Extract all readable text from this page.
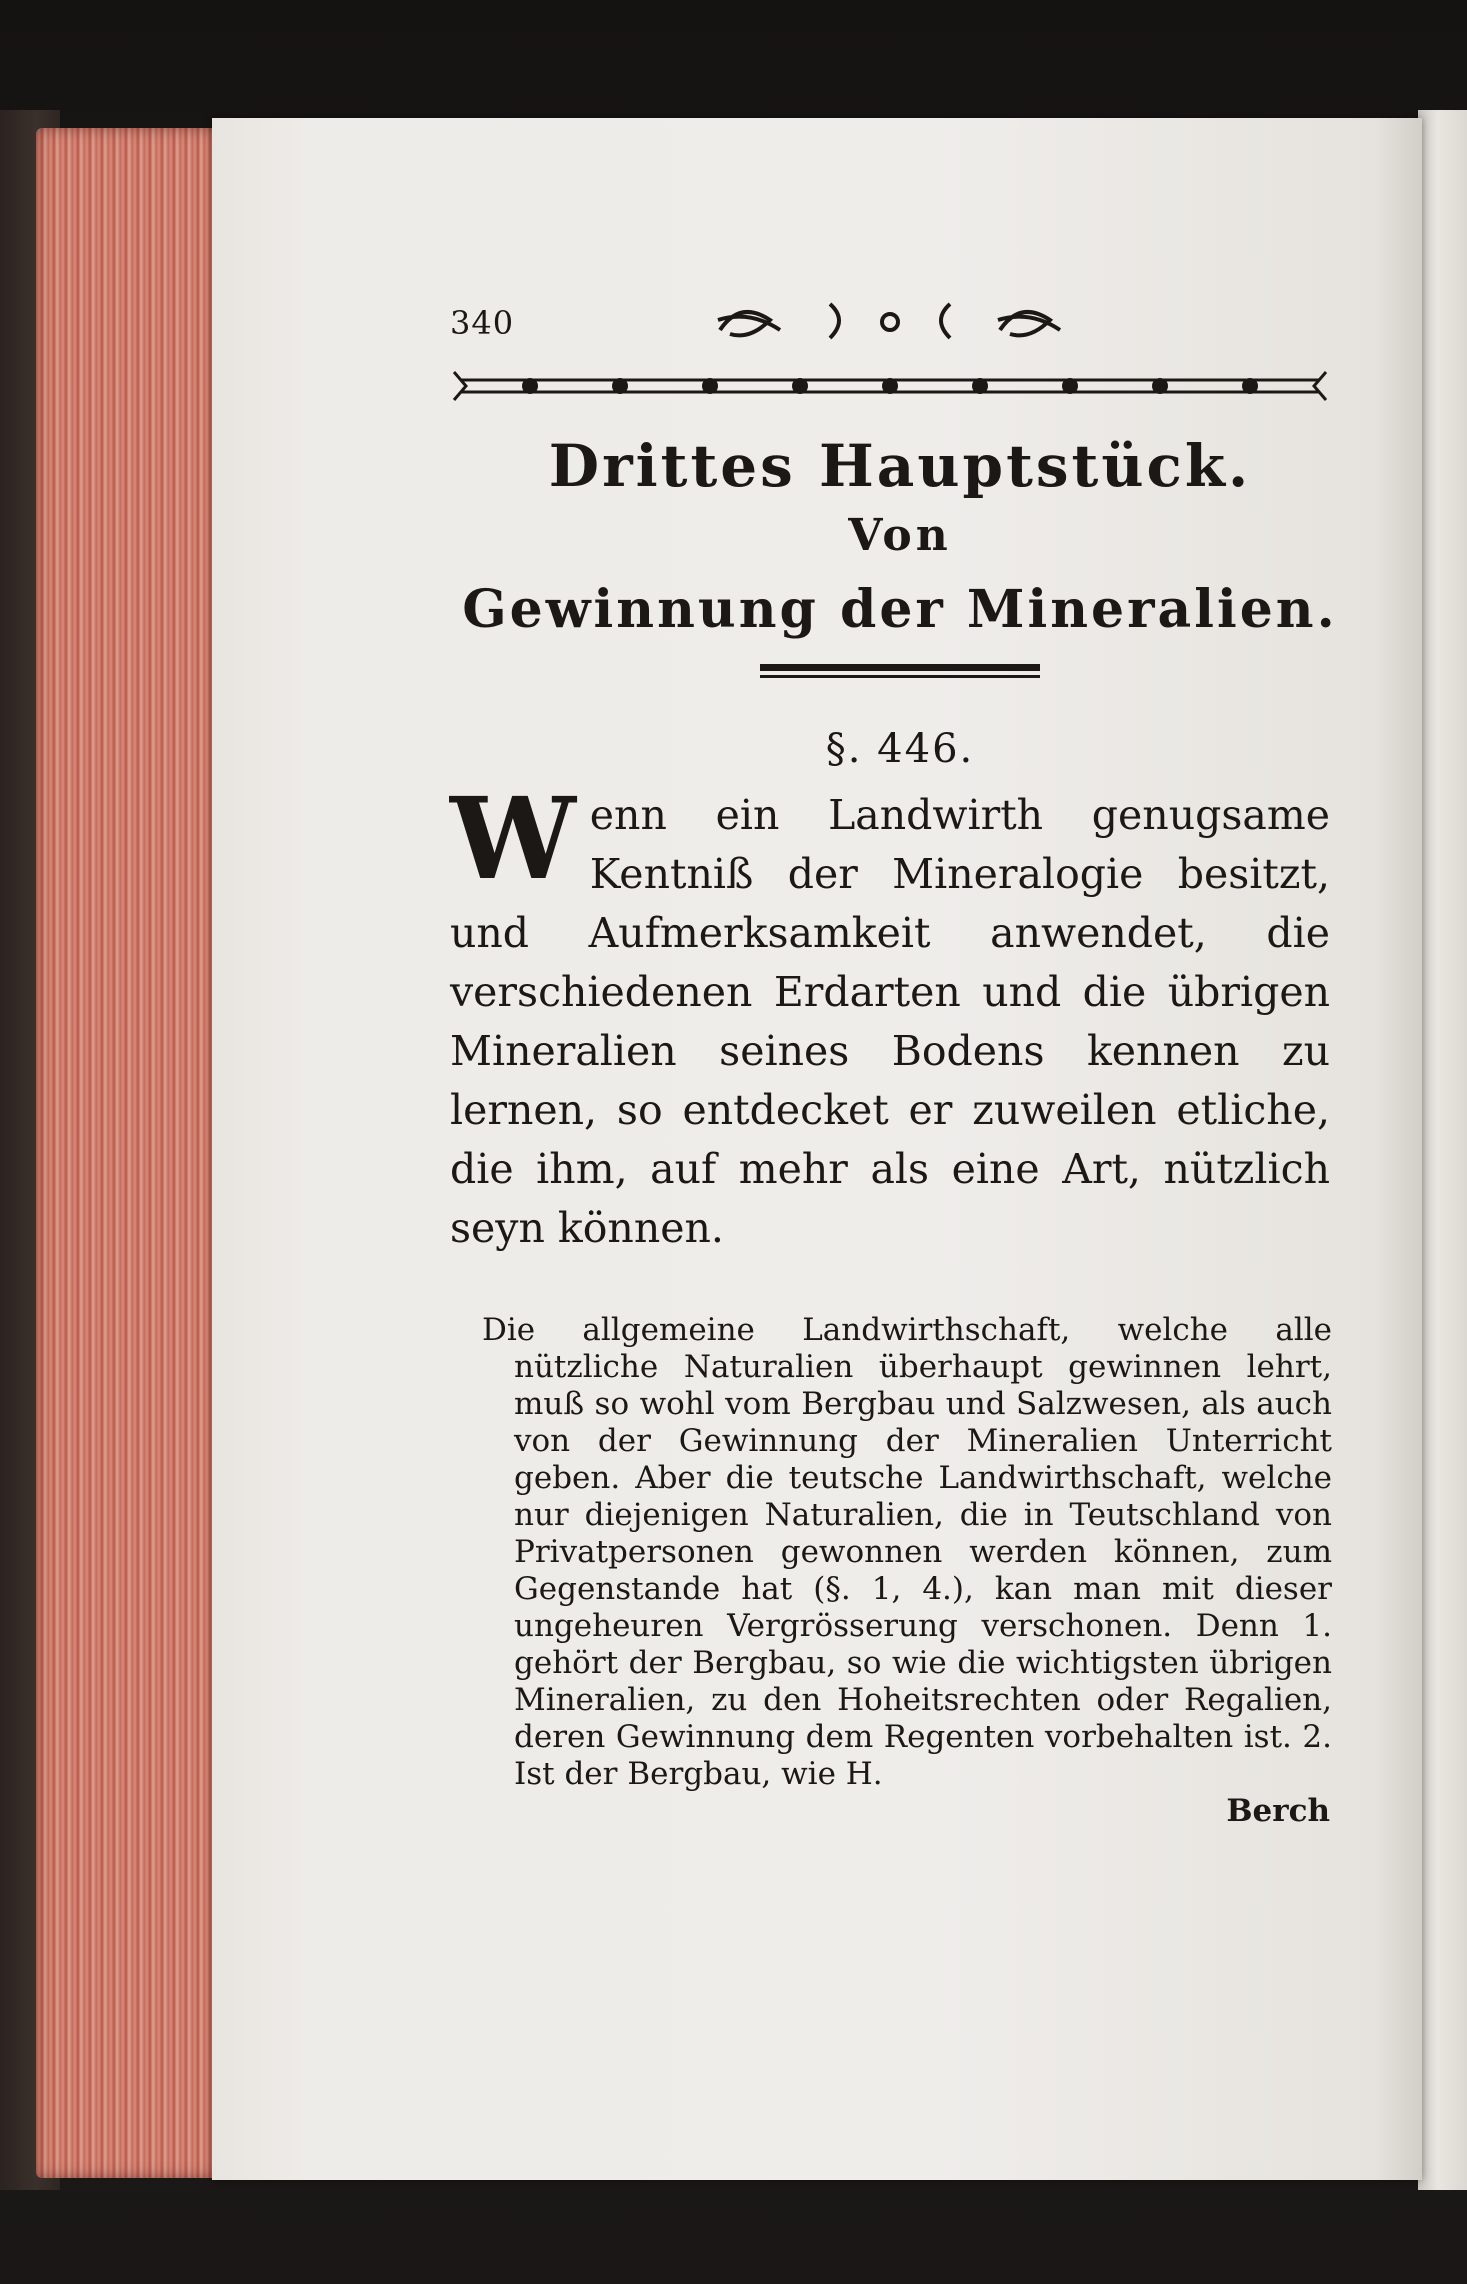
340
Drittes Hauptstück.
Von
Gewinnung der Mineralien.
§. 446.
W enn ein Landwirth genugsame Kentniß der Mineralogie besitzt, und Aufmerksamkeit anwendet, die verschiedenen Erdarten und die übrigen Mineralien seines Bodens kennen zu lernen, so entdecket er zuweilen etliche, die ihm, auf mehr als eine Art, nützlich seyn können.
Die allgemeine Landwirthschaft, welche alle nützliche Naturalien überhaupt gewinnen lehrt, muß so wohl vom Bergbau und Salzwesen, als auch von der Gewinnung der Mineralien Unterricht geben. Aber die teutsche Landwirthschaft, welche nur diejenigen Naturalien, die in Teutschland von Privatpersonen gewonnen werden können, zum Gegenstande hat (§. 1, 4.), kan man mit dieser ungeheuren Vergrösserung verschonen. Denn 1. gehört der Bergbau, so wie die wichtigsten übrigen Mineralien, zu den Hoheitsrechten oder Regalien, deren Gewinnung dem Regenten vorbehalten ist. 2. Ist der Bergbau, wie H.
Berch
